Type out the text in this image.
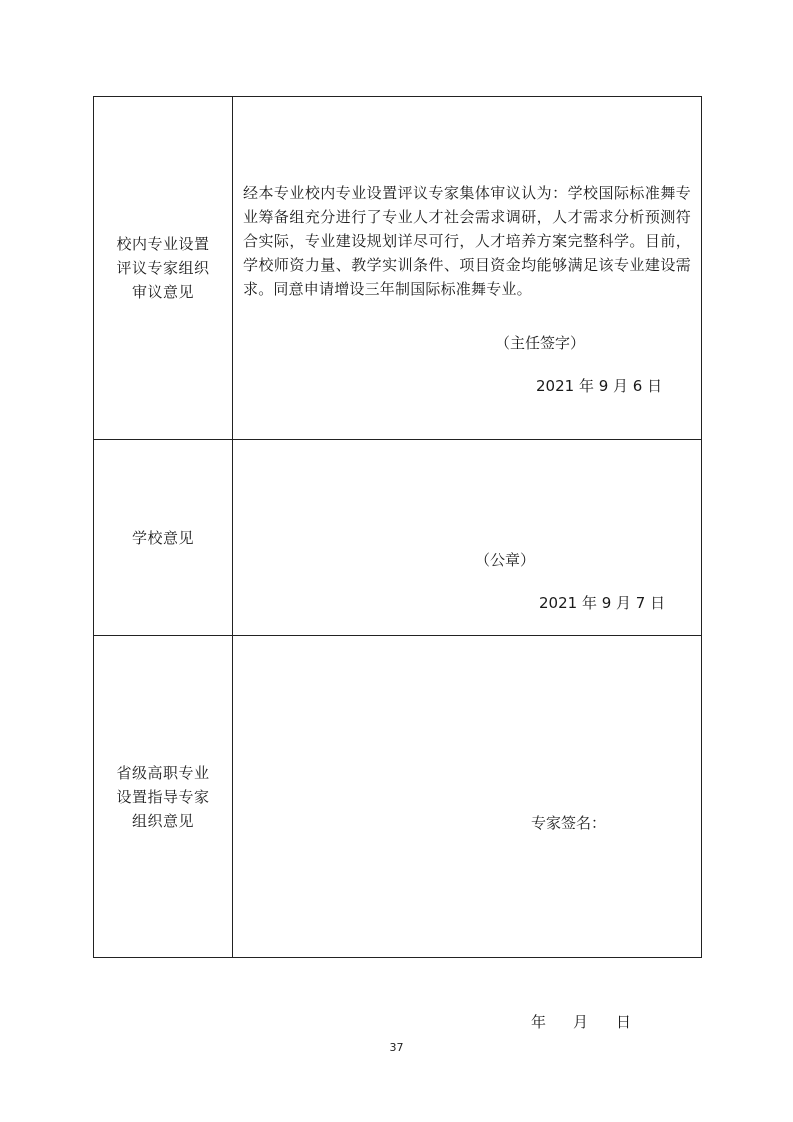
校内专业设置评议专家组织审议意见
经本专业校内专业设置评议专家集体审议认为：学校国际标准舞专业筹备组充分进行了专业人才社会需求调研，人才需求分析预测符合实际，专业建设规划详尽可行，人才培养方案完整科学。目前，学校师资力量、教学实训条件、项目资金均能够满足该专业建设需求。同意申请增设三年制国际标准舞专业。
（主任签字）
2021 年 9 月 6 日
学校意见
（公章）
2021 年 9 月 7 日
省级高职专业设置指导专家组织意见	专家签名：
年 月 日
37
